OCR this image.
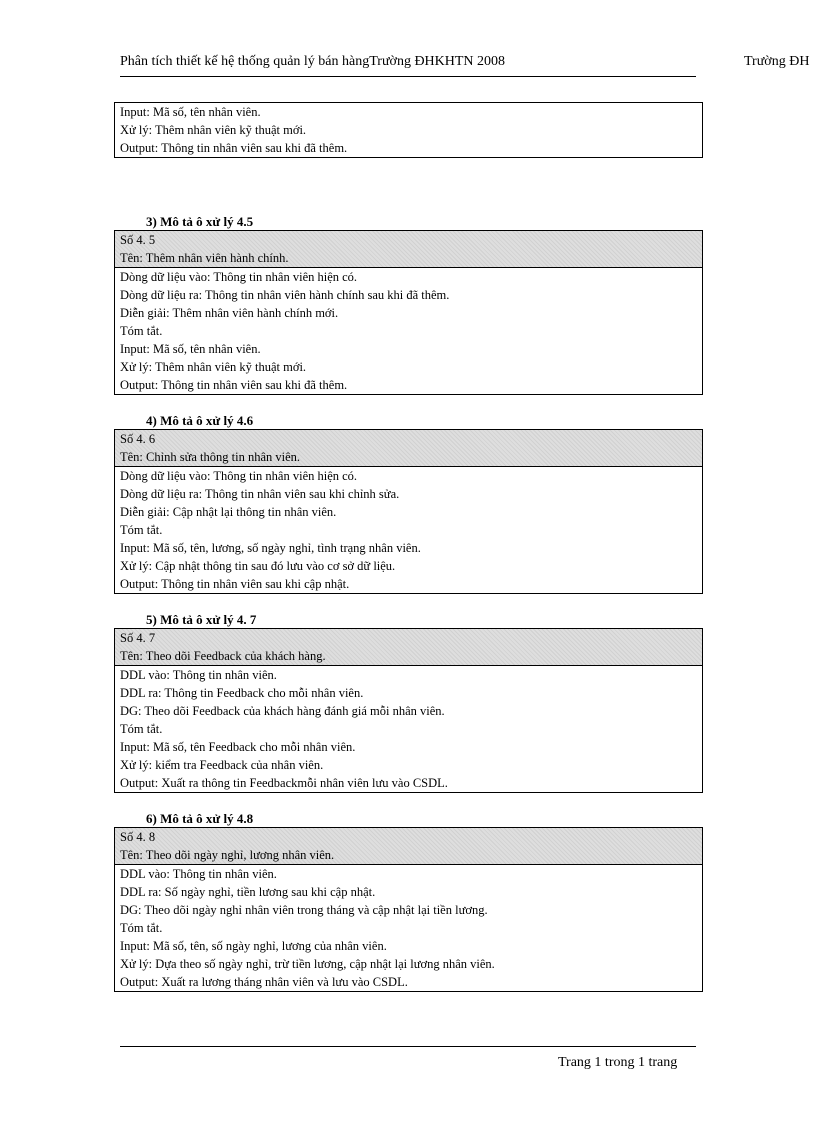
Phân tích thiết kế hệ thống quản lý bán hàngTrường ĐHKHTN 2008	Trường ĐH
Input: Mã số, tên nhân viên.
Xử lý: Thêm nhân viên kỹ thuật mới.
Output: Thông tin nhân viên sau khi đã thêm.
3) Mô tả ô xử lý 4.5
Số 4. 5
Tên: Thêm nhân viên hành chính.
Dòng dữ liệu vào: Thông tin nhân viên hiện có.
Dòng dữ liệu ra: Thông tin nhân viên hành chính sau khi đã thêm.
Diễn giải: Thêm nhân viên hành chính mới.
Tóm tắt.
Input: Mã số, tên nhân viên.
Xử lý: Thêm nhân viên kỹ thuật mới.
Output: Thông tin nhân viên sau khi đã thêm.
4) Mô tả ô xử lý 4.6
Số 4. 6
Tên: Chỉnh sửa thông tin nhân viên.
Dòng dữ liệu vào: Thông tin nhân viên hiện có.
Dòng dữ liệu ra: Thông tin nhân viên sau khi chỉnh sửa.
Diễn giải: Cập nhật lại thông tin nhân viên.
Tóm tắt.
Input: Mã số, tên, lương, số ngày nghỉ, tình trạng nhân viên.
Xử lý: Cập nhật thông tin sau đó lưu vào cơ sở dữ liệu.
Output: Thông tin nhân viên sau khi cập nhật.
5) Mô tả ô xử lý 4. 7
Số 4. 7
Tên: Theo dõi Feedback của khách hàng.
DDL vào: Thông tin nhân viên.
DDL ra: Thông tin Feedback cho mỗi nhân viên.
DG: Theo dõi Feedback của khách hàng đánh giá mỗi nhân viên.
Tóm tắt.
Input: Mã số, tên Feedback cho mỗi nhân viên.
Xử lý: kiểm tra Feedback của nhân viên.
Output: Xuất ra thông tin Feedbackmỗi nhân viên lưu vào CSDL.
6) Mô tả ô xử lý 4.8
Số 4. 8
Tên: Theo dõi ngày nghỉ, lương nhân viên.
DDL vào: Thông tin nhân viên.
DDL ra: Số ngày nghỉ, tiền lương sau khi cập nhật.
DG: Theo dõi ngày nghỉ nhân viên trong tháng và cập nhật lại tiền lương.
Tóm tắt.
Input: Mã số, tên, số ngày nghỉ, lương của nhân viên.
Xử lý: Dựa theo số ngày nghỉ, trừ tiền lương, cập nhật lại lương nhân viên.
Output: Xuất ra lương tháng nhân viên và lưu vào CSDL.
Trang 1 trong 1 trang
